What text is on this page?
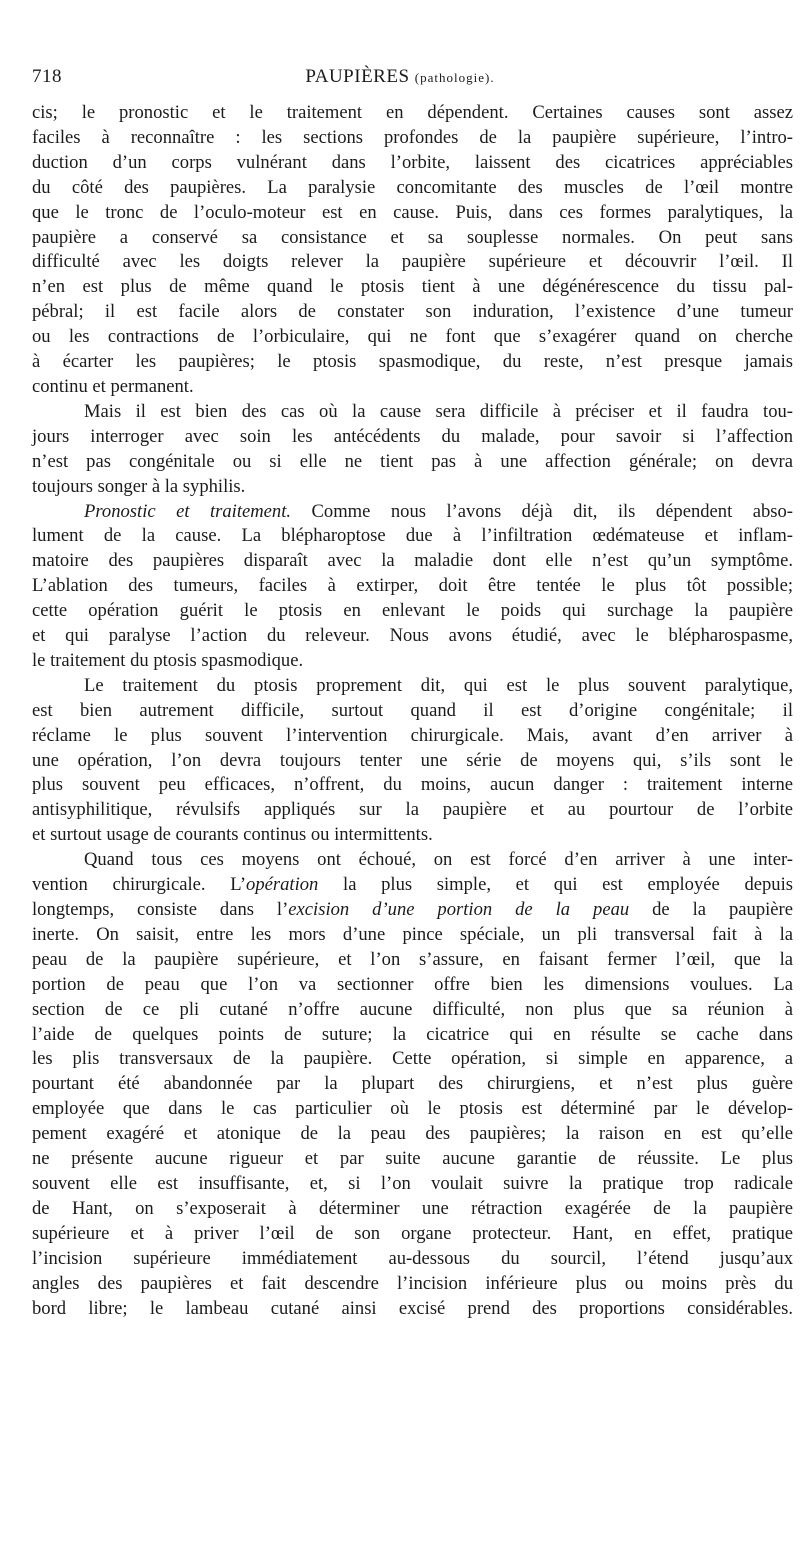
718	PAUPIÈRES (pathologie).
cis; le pronostic et le traitement en dépendent. Certaines causes sont assez
faciles à reconnaître : les sections profondes de la paupière supérieure, l’intro-
duction d’un corps vulnérant dans l’orbite, laissent des cicatrices appréciables
du côté des paupières. La paralysie concomitante des muscles de l’œil montre
que le tronc de l’oculo-moteur est en cause. Puis, dans ces formes paralytiques, la
paupière a conservé sa consistance et sa souplesse normales. On peut sans
difficulté avec les doigts relever la paupière supérieure et découvrir l’œil. Il
n’en est plus de même quand le ptosis tient à une dégénérescence du tissu pal-
pébral; il est facile alors de constater son induration, l’existence d’une tumeur
ou les contractions de l’orbiculaire, qui ne font que s’exagérer quand on cherche
à écarter les paupières; le ptosis spasmodique, du reste, n’est presque jamais
continu et permanent.
Mais il est bien des cas où la cause sera difficile à préciser et il faudra tou-
jours interroger avec soin les antécédents du malade, pour savoir si l’affection
n’est pas congénitale ou si elle ne tient pas à une affection générale; on devra
toujours songer à la syphilis.
Pronostic et traitement. Comme nous l’avons déjà dit, ils dépendent abso-
lument de la cause. La blépharoptose due à l’infiltration œdémateuse et inflam-
matoire des paupières disparaît avec la maladie dont elle n’est qu’un symptôme.
L’ablation des tumeurs, faciles à extirper, doit être tentée le plus tôt possible;
cette opération guérit le ptosis en enlevant le poids qui surchage la paupière
et qui paralyse l’action du releveur. Nous avons étudié, avec le blépharospasme,
le traitement du ptosis spasmodique.
Le traitement du ptosis proprement dit, qui est le plus souvent paralytique,
est bien autrement difficile, surtout quand il est d’origine congénitale; il
réclame le plus souvent l’intervention chirurgicale. Mais, avant d’en arriver à
une opération, l’on devra toujours tenter une série de moyens qui, s’ils sont le
plus souvent peu efficaces, n’offrent, du moins, aucun danger : traitement interne
antisyphilitique, révulsifs appliqués sur la paupière et au pourtour de l’orbite
et surtout usage de courants continus ou intermittents.
Quand tous ces moyens ont échoué, on est forcé d’en arriver à une inter-
vention chirurgicale. L’opération la plus simple, et qui est employée depuis
longtemps, consiste dans l’excision d’une portion de la peau de la paupière
inerte. On saisit, entre les mors d’une pince spéciale, un pli transversal fait à la
peau de la paupière supérieure, et l’on s’assure, en faisant fermer l’œil, que la
portion de peau que l’on va sectionner offre bien les dimensions voulues. La
section de ce pli cutané n’offre aucune difficulté, non plus que sa réunion à
l’aide de quelques points de suture; la cicatrice qui en résulte se cache dans
les plis transversaux de la paupière. Cette opération, si simple en apparence, a
pourtant été abandonnée par la plupart des chirurgiens, et n’est plus guère
employée que dans le cas particulier où le ptosis est déterminé par le dévelop-
pement exagéré et atonique de la peau des paupières; la raison en est qu’elle
ne présente aucune rigueur et par suite aucune garantie de réussite. Le plus
souvent elle est insuffisante, et, si l’on voulait suivre la pratique trop radicale
de Hant, on s’exposerait à déterminer une rétraction exagérée de la paupière
supérieure et à priver l’œil de son organe protecteur. Hant, en effet, pratique
l’incision supérieure immédiatement au-dessous du sourcil, l’étend jusqu’aux
angles des paupières et fait descendre l’incision inférieure plus ou moins près du
bord libre; le lambeau cutané ainsi excisé prend des proportions considérables.
